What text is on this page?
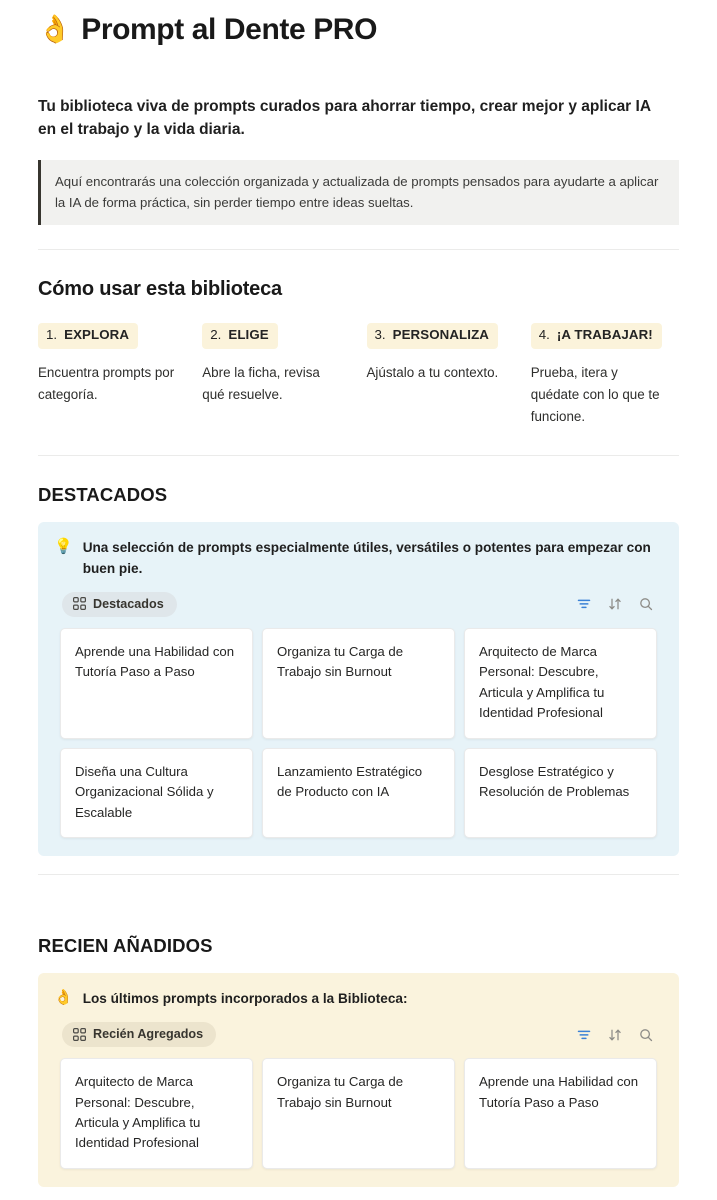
👌 Prompt al Dente PRO

Tu biblioteca viva de prompts curados para ahorrar tiempo, crear mejor y aplicar IA en el trabajo y la vida diaria.

Aquí encontrarás una colección organizada y actualizada de prompts pensados para ayudarte a aplicar la IA de forma práctica, sin perder tiempo entre ideas sueltas.
Cómo usar esta biblioteca
1. EXPLORA
Encuentra prompts por categoría.
2. ELIGE
Abre la ficha, revisa qué resuelve.
3. PERSONALIZA
Ajústalo a tu contexto.
4. ¡A TRABAJAR!
Prueba, itera y quédate con lo que te funcione.
DESTACADOS
💡 Una selección de prompts especialmente útiles, versátiles o potentes para empezar con buen pie.
Destacados
Aprende una Habilidad con Tutoría Paso a Paso
Organiza tu Carga de Trabajo sin Burnout
Arquitecto de Marca Personal: Descubre, Articula y Amplifica tu Identidad Profesional
Diseña una Cultura Organizacional Sólida y Escalable
Lanzamiento Estratégico de Producto con IA
Desglose Estratégico y Resolución de Problemas
RECIEN AÑADIDOS
👌 Los últimos prompts incorporados a la Biblioteca:
Recién Agregados
Arquitecto de Marca Personal: Descubre, Articula y Amplifica tu Identidad Profesional
Organiza tu Carga de Trabajo sin Burnout
Aprende una Habilidad con Tutoría Paso a Paso
